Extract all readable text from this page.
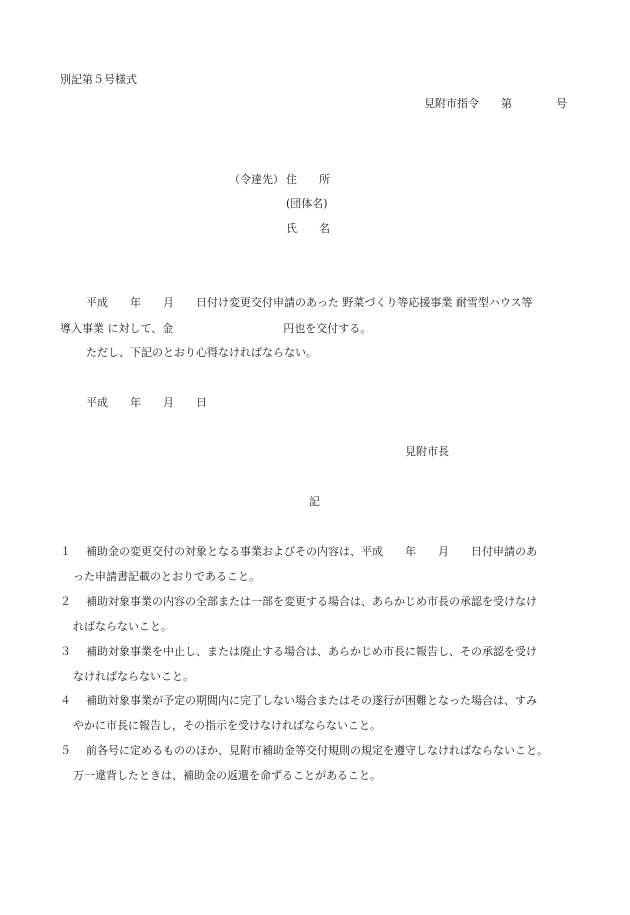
別記第５号様式
見附市指令　　第　　　　号
（令達先） 住　　所
(団体名)
氏　　名
平成　　年　　月　　日付け変更交付申請のあった 野菜づくり等応援事業 耐雪型ハウス等
導入事業 に対して、金　　　　　　　　　　円也を交付する。
ただし、下記のとおり心得なければならない。
平成　　年　　月　　日
見附市長
記
１ 補助金の変更交付の対象となる事業およびその内容は、平成　　年　　月　　日付申請のあ
った申請書記載のとおりであること。
２ 補助対象事業の内容の全部または一部を変更する場合は、あらかじめ市長の承認を受けなけ
ればならないこと。
３ 補助対象事業を中止し、または廃止する場合は、あらかじめ市長に報告し、その承認を受け
なければならないこと。
４ 補助対象事業が予定の期間内に完了しない場合またはその遂行が困難となった場合は、すみ
やかに市長に報告し，その指示を受けなければならないこと。
５ 前各号に定めるもののほか、見附市補助金等交付規則の規定を遵守しなければならないこと。
万一違背したときは、補助金の返還を命ずることがあること。
